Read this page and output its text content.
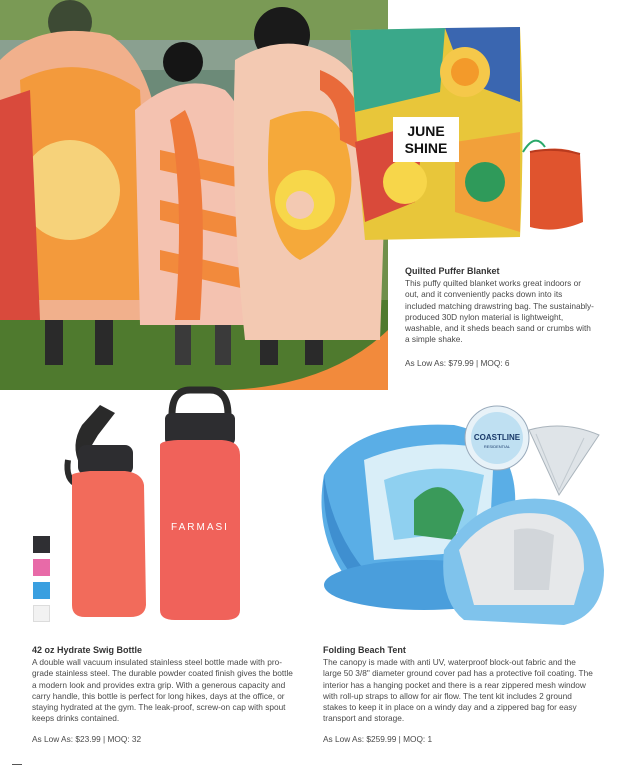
JUNE
SHINE
Quilted Puffer Blanket
This puffy quilted blanket works great indoors or out, and it conveniently packs down into its included matching drawstring bag. The sustainably-produced 30D nylon material is lightweight, washable, and it sheds beach sand or crumbs with a simple shake.
As Low As: $79.99 | MOQ: 6
FARMASI
42 oz Hydrate Swig Bottle
A double wall vacuum insulated stainless steel bottle made with pro-grade stainless steel. The durable powder coated finish gives the bottle a modern look and provides extra grip. With a generous capacity and carry handle, this bottle is perfect for long hikes, days at the office, or staying hydrated at the gym. The leak-proof, screw-on cap with spout keeps drinks contained.
As Low As: $23.99 | MOQ: 32
COASTLINE
RESIDENTIAL
Folding Beach Tent
The canopy is made with anti UV, waterproof block-out fabric and the large 50 3/8" diameter ground cover pad has a protective foil coating. The interior has a hanging pocket and there is a rear zippered mesh window with roll-up straps to allow for air flow. The tent kit includes 2 ground stakes to keep it in place on a windy day and a zippered bag for easy transport and storage.
As Low As: $259.99 | MOQ: 1
